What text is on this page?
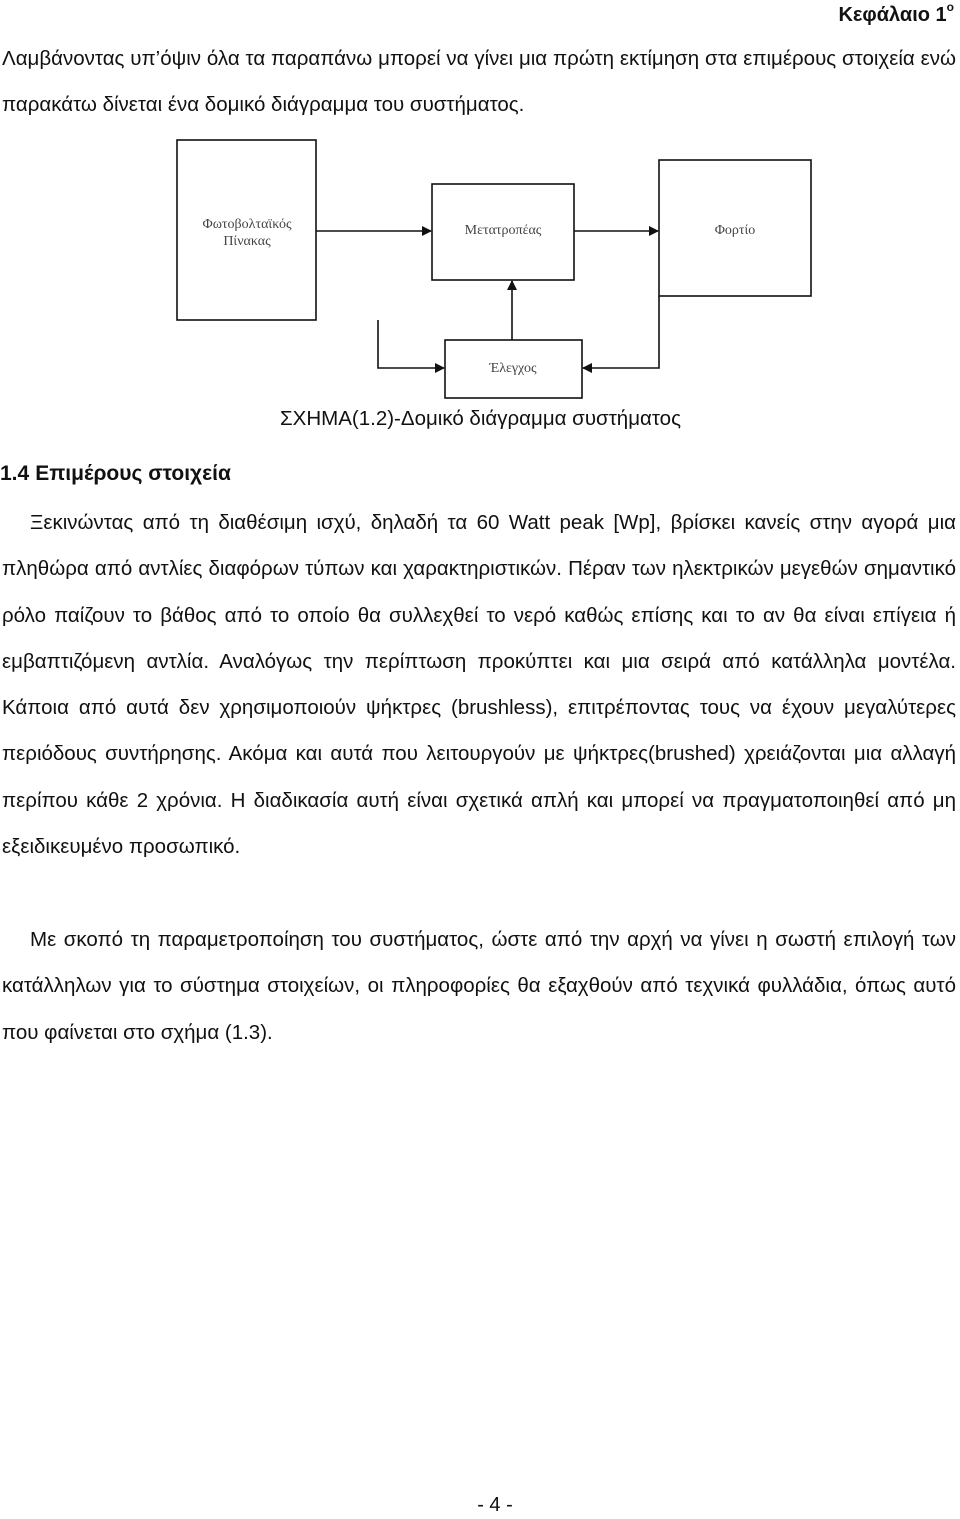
Κεφάλαιο $1^o$

Λαμβάνοντας υπ’όψιν όλα τα παραπάνω μπορεί να γίνει μια πρώτη εκτίμηση στα επιμέρους στοιχεία ενώ παρακάτω δίνεται ένα δομικό διάγραμμα του συστήματος.

Φωτοβολταϊκός
Πίνακας
Μετατροπέας	Φορτίο
Έλεγχος
ΣΧΗΜΑ(1.2)-Δομικό διάγραμμα συστήματος
1.4 Επιμέρους στοιχεία

Ξεκινώντας από τη διαθέσιμη ισχύ, δηλαδή τα 60 Watt peak [Wp], βρίσκει κανείς στην αγορά μια πληθώρα από αντλίες διαφόρων τύπων και χαρακτηριστικών. Πέραν των ηλεκτρικών μεγεθών σημαντικό ρόλο παίζουν το βάθος από το οποίο θα συλλεχθεί το νερό καθώς επίσης και το αν θα είναι επίγεια ή εμβαπτιζόμενη αντλία. Αναλόγως την περίπτωση προκύπτει και μια σειρά από κατάλληλα μοντέλα. Κάποια από αυτά δεν χρησιμοποιούν ψήκτρες (brushless), επιτρέποντας τους να έχουν μεγαλύτερες περιόδους συντήρησης. Ακόμα και αυτά που λειτουργούν με ψήκτρες(brushed) χρειάζονται μια αλλαγή περίπου κάθε 2 χρόνια. Η διαδικασία αυτή είναι σχετικά απλή και μπορεί να πραγματοποιηθεί από μη εξειδικευμένο προσωπικό.

Με σκοπό τη παραμετροποίηση του συστήματος, ώστε από την αρχή να γίνει η σωστή επιλογή των κατάλληλων για το σύστημα στοιχείων, οι πληροφορίες θα εξαχθούν από τεχνικά φυλλάδια, όπως αυτό που φαίνεται στο σχήμα (1.3).

- 4 -
